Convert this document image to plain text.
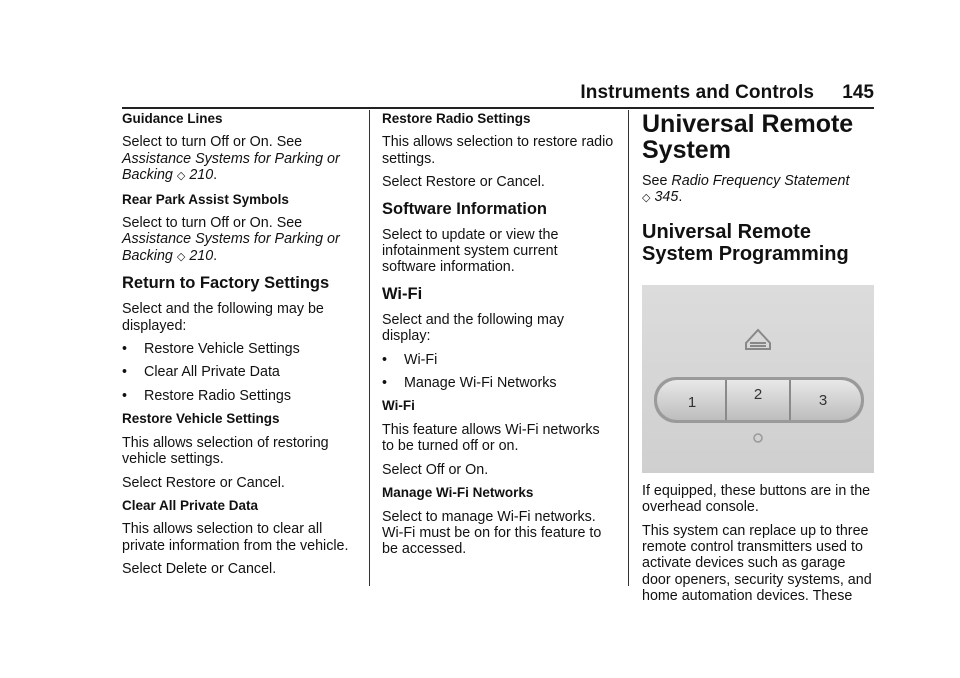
Instruments and Controls 145
Guidance Lines

Select to turn Off or On. See Assistance Systems for Parking or Backing ◇ 210.

Rear Park Assist Symbols

Select to turn Off or On. See Assistance Systems for Parking or Backing ◇ 210.

Return to Factory Settings

Select and the following may be displayed:

• Restore Vehicle Settings
• Clear All Private Data
• Restore Radio Settings
Restore Vehicle Settings

This allows selection of restoring vehicle settings.

Select Restore or Cancel.

Clear All Private Data

This allows selection to clear all private information from the vehicle.

Select Delete or Cancel.

Restore Radio Settings

This allows selection to restore radio settings.

Select Restore or Cancel.

Software Information

Select to update or view the infotainment system current software information.

Wi-Fi

Select and the following may display:

• Wi-Fi
• Manage Wi-Fi Networks
Wi-Fi

This feature allows Wi-Fi networks to be turned off or on.

Select Off or On.

Manage Wi-Fi Networks

Select to manage Wi-Fi networks. Wi-Fi must be on for this feature to be accessed.

Universal Remote System

See Radio Frequency Statement
◇ 345.

Universal Remote System Programming
1	2	3

If equipped, these buttons are in the overhead console.

This system can replace up to three remote control transmitters used to activate devices such as garage door openers, security systems, and home automation devices. These
